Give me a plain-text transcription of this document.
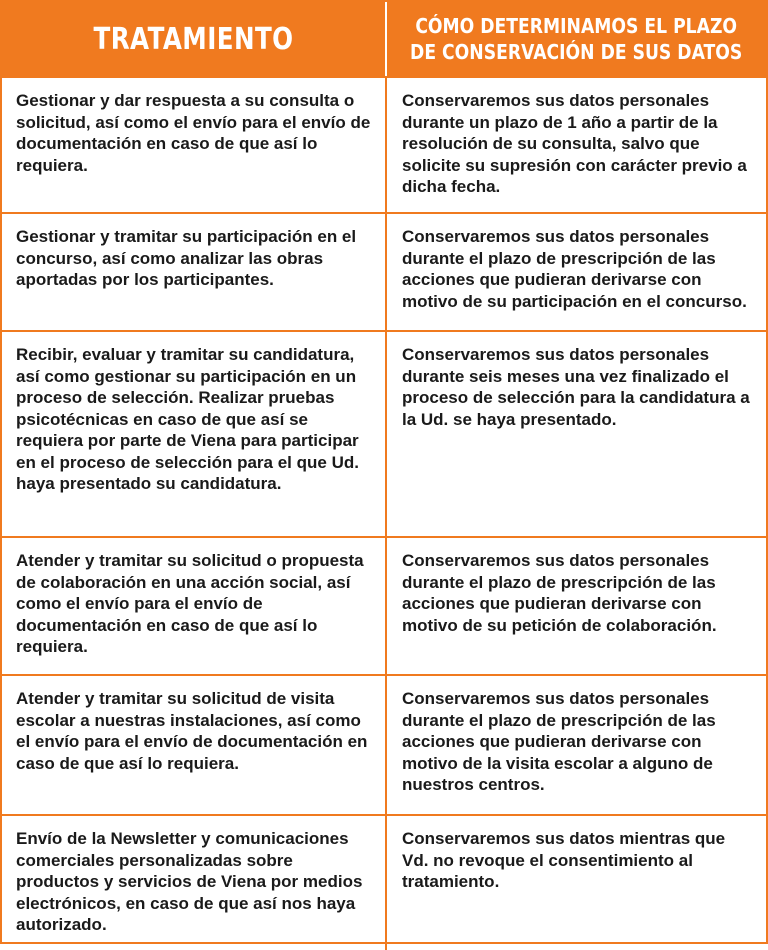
TRATAMIENTO	CÓMO DETERMINAMOS EL PLAZO
DE CONSERVACIÓN DE SUS DATOS
Gestionar y dar respuesta a su consulta o solicitud, así como el envío para el envío de documentación en caso de que así lo requiera.
Conservaremos sus datos personales durante un plazo de 1 año a partir de la resolución de su consulta, salvo que solicite su supresión con carácter previo a dicha fecha.
Gestionar y tramitar su participación en el concurso, así como analizar las obras aportadas por los participantes.
Conservaremos sus datos personales durante el plazo de prescripción de las acciones que pudieran derivarse con motivo de su participación en el concurso.
Recibir, evaluar y tramitar su candidatura, así como gestionar su participación en un proceso de selección. Realizar pruebas psicotécnicas en caso de que así se requiera por parte de Viena para participar en el proceso de selección para el que Ud. haya presentado su candidatura.
Conservaremos sus datos personales durante seis meses una vez finalizado el proceso de selección para la candidatura a la Ud. se haya presentado.
Atender y tramitar su solicitud o propuesta de colaboración en una acción social, así como el envío para el envío de documentación en caso de que así lo requiera.
Conservaremos sus datos personales durante el plazo de prescripción de las acciones que pudieran derivarse con motivo de su petición de colaboración.
Atender y tramitar su solicitud de visita escolar a nuestras instalaciones, así como el envío para el envío de documentación en caso de que así lo requiera.
Conservaremos sus datos personales durante el plazo de prescripción de las acciones que pudieran derivarse con motivo de la visita escolar a alguno de nuestros centros.
Envío de la Newsletter y comunicaciones comerciales personalizadas sobre productos y servicios de Viena por medios electrónicos, en caso de que así nos haya autorizado.
Conservaremos sus datos mientras que Vd. no revoque el consentimiento al tratamiento.
